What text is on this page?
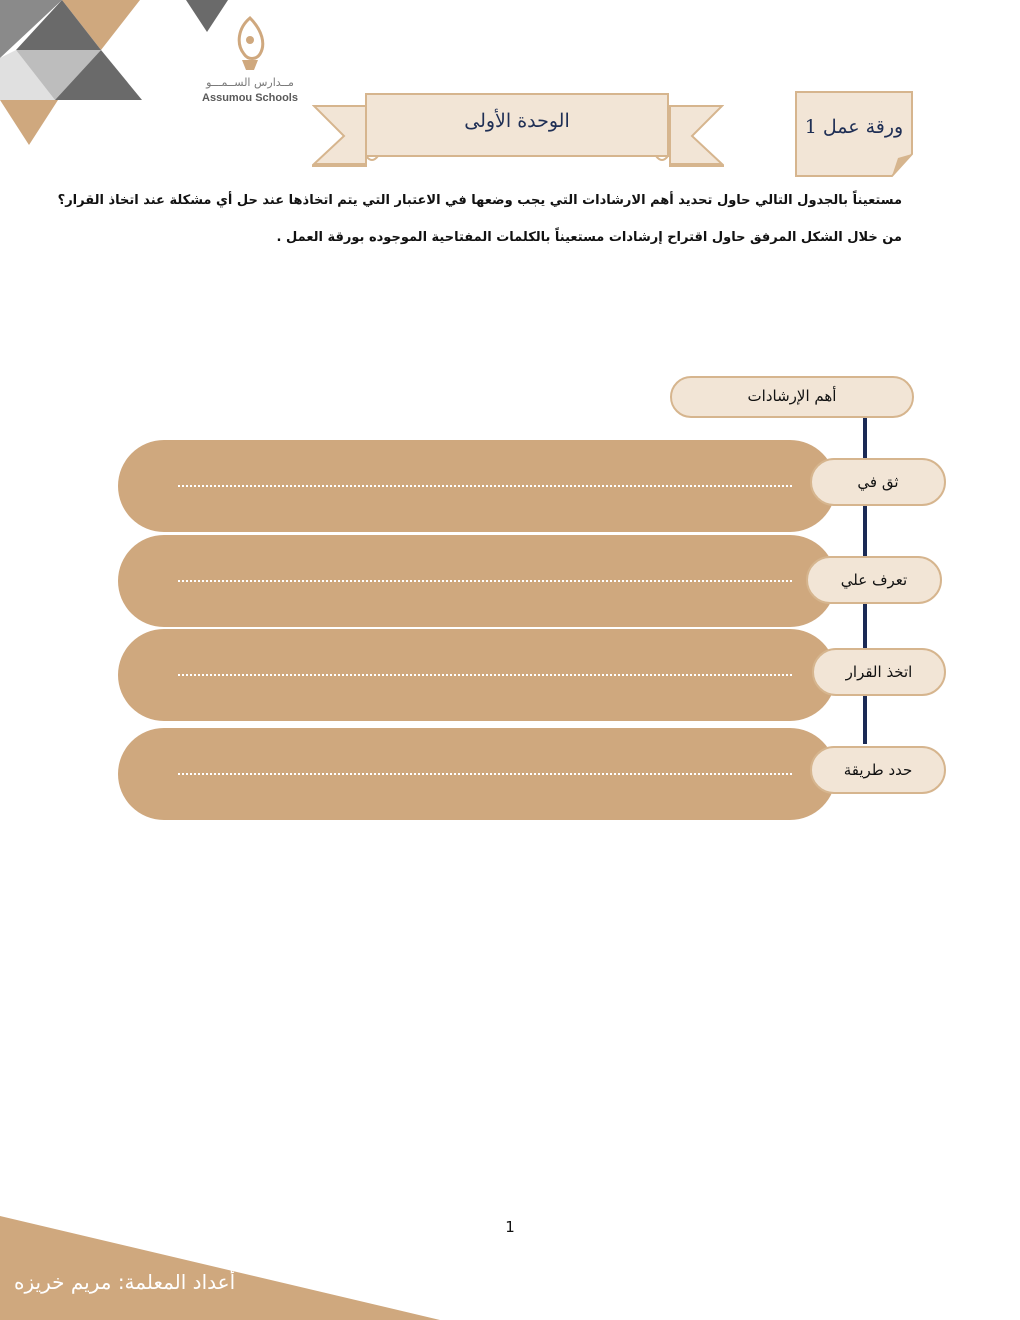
مــدارس الســمـــو
Assumou Schools
الوحدة الأولى	ورقة عمل 1
مستعيناً بالجدول التالي حاول تحديد أهم الارشادات التي يجب وضعها في الاعتبار التي يتم اتخاذها عند حل أي مشكلة عند اتخاذ القرار؟
من خلال الشكل المرفق حاول اقتراح إرشادات مستعيناً بالكلمات المفتاحية الموجوده بورقة العمل .
أهم الإرشادات
ثق في
تعرف علي
اتخذ القرار
حدد طريقة
1
أعداد المعلمة: مريم خريزه
